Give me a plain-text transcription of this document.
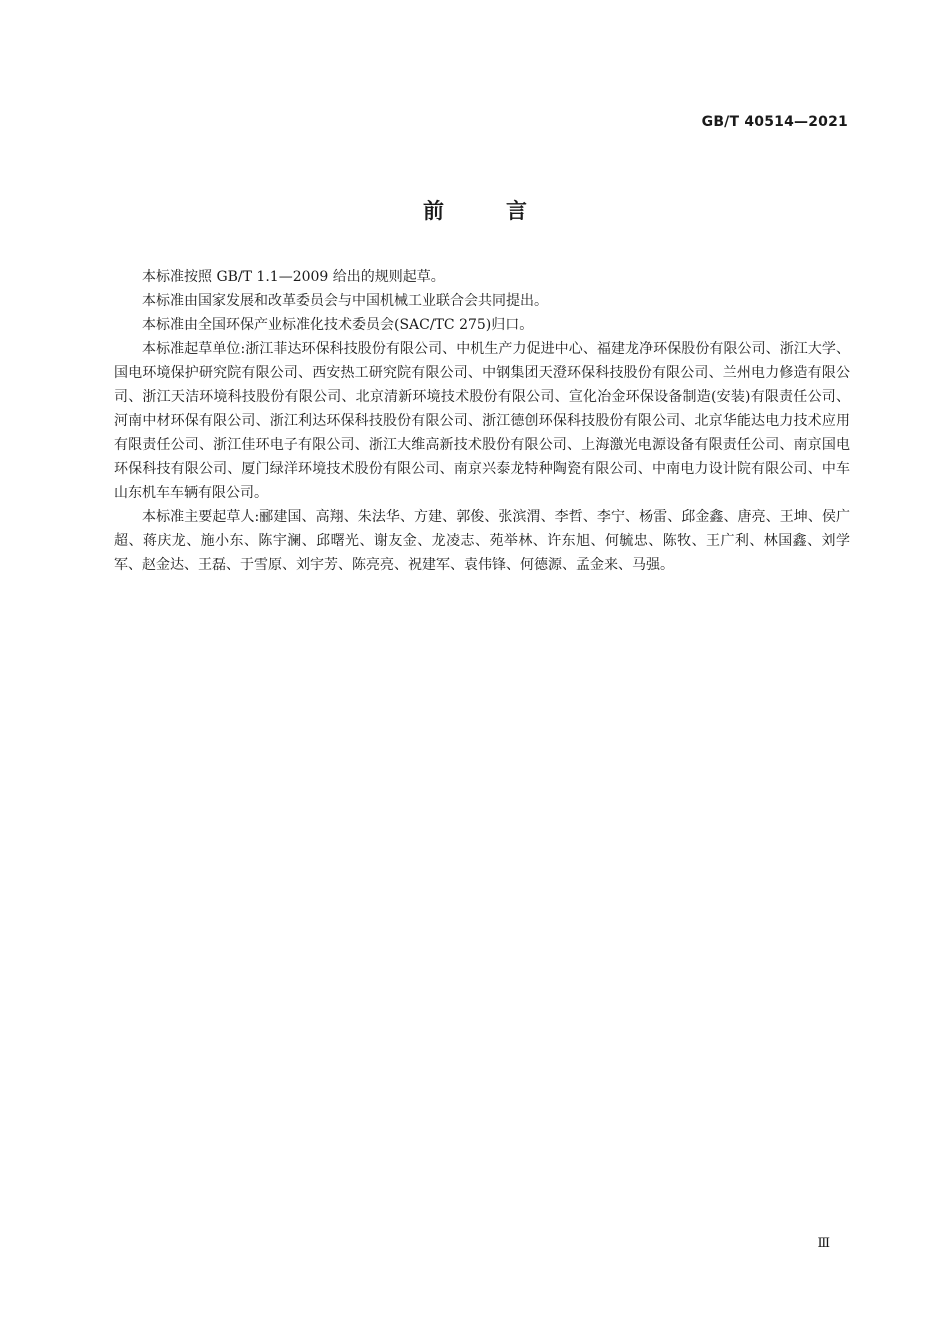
GB/T 40514—2021
前言

本标准按照 GB/T 1.1—2009 给出的规则起草。

本标准由国家发展和改革委员会与中国机械工业联合会共同提出。

本标准由全国环保产业标准化技术委员会(SAC/TC 275)归口。

本标准起草单位:浙江菲达环保科技股份有限公司、中机生产力促进中心、福建龙净环保股份有限公司、浙江大学、国电环境保护研究院有限公司、西安热工研究院有限公司、中钢集团天澄环保科技股份有限公司、兰州电力修造有限公司、浙江天洁环境科技股份有限公司、北京清新环境技术股份有限公司、宣化冶金环保设备制造(安装)有限责任公司、河南中材环保有限公司、浙江利达环保科技股份有限公司、浙江德创环保科技股份有限公司、北京华能达电力技术应用有限责任公司、浙江佳环电子有限公司、浙江大维高新技术股份有限公司、上海激光电源设备有限责任公司、南京国电环保科技有限公司、厦门绿洋环境技术股份有限公司、南京兴泰龙特种陶瓷有限公司、中南电力设计院有限公司、中车山东机车车辆有限公司。

本标准主要起草人:郦建国、高翔、朱法华、方建、郭俊、张滨渭、李哲、李宁、杨雷、邱金鑫、唐亮、王坤、侯广超、蒋庆龙、施小东、陈宇澜、邱曙光、谢友金、龙凌志、苑举林、许东旭、何毓忠、陈牧、王广利、林国鑫、刘学军、赵金达、王磊、于雪原、刘宇芳、陈亮亮、祝建军、袁伟锋、何德源、孟金来、马强。

Ⅲ
